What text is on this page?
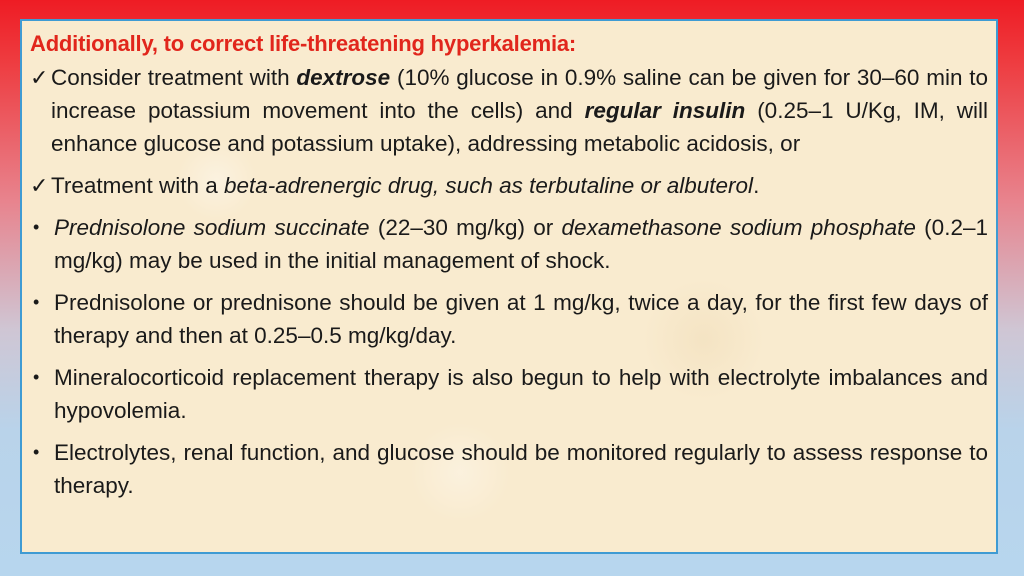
Additionally, to correct life-threatening hyperkalemia:
✓ Consider treatment with dextrose (10% glucose in 0.9% saline can be given for 30–60 min to increase potassium movement into the cells) and regular insulin (0.25–1 U/Kg, IM, will enhance glucose and potassium uptake), addressing metabolic acidosis, or
✓ Treatment with a beta-adrenergic drug, such as terbutaline or albuterol.
• Prednisolone sodium succinate (22–30 mg/kg) or dexamethasone sodium phosphate (0.2–1 mg/kg) may be used in the initial management of shock.
• Prednisolone or prednisone should be given at 1 mg/kg, twice a day, for the first few days of therapy and then at 0.25–0.5 mg/kg/day.
• Mineralocorticoid replacement therapy is also begun to help with electrolyte imbalances and hypovolemia.
• Electrolytes, renal function, and glucose should be monitored regularly to assess response to therapy.
